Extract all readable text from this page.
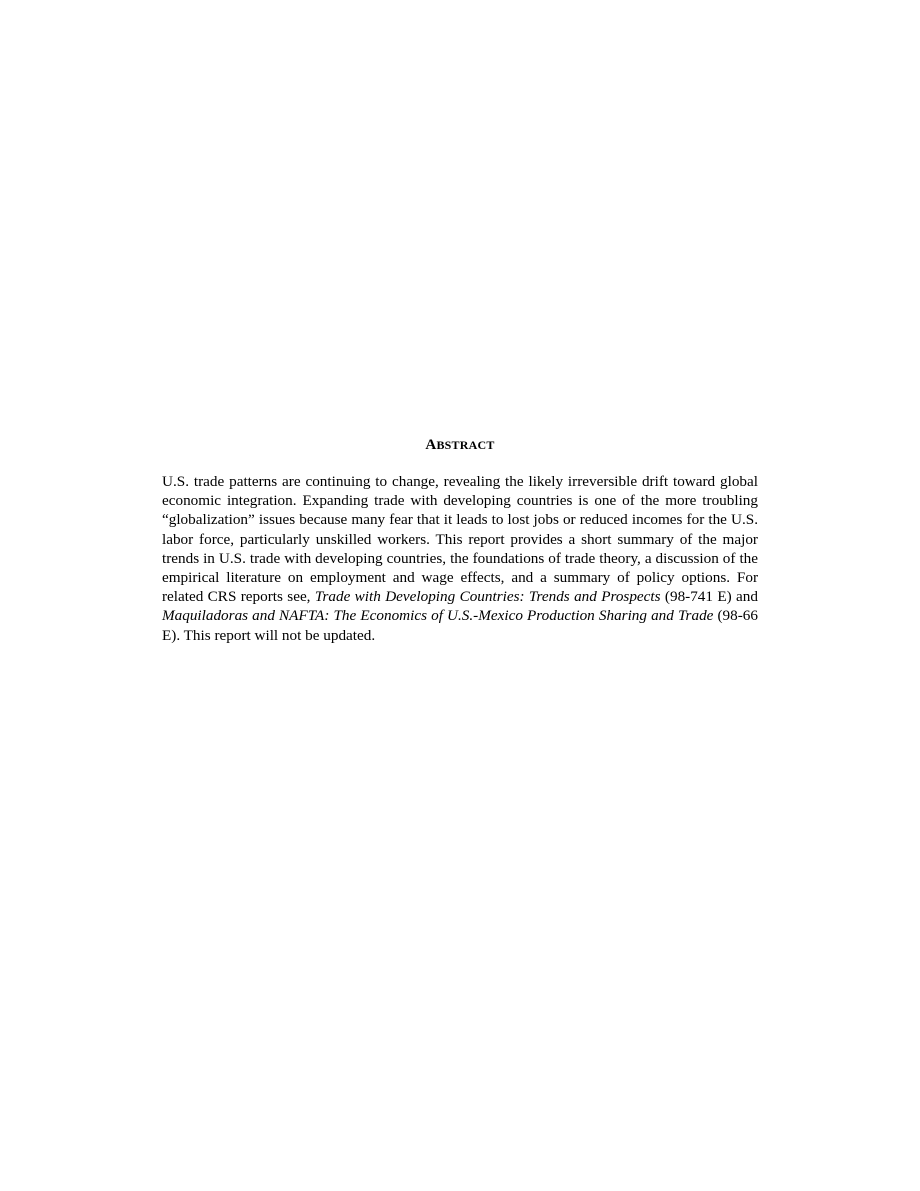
ABSTRACT

U.S. trade patterns are continuing to change, revealing the likely irreversible drift toward global economic integration. Expanding trade with developing countries is one of the more troubling “globalization” issues because many fear that it leads to lost jobs or reduced incomes for the U.S. labor force, particularly unskilled workers. This report provides a short summary of the major trends in U.S. trade with developing countries, the foundations of trade theory, a discussion of the empirical literature on employment and wage effects, and a summary of policy options. For related CRS reports see, Trade with Developing Countries: Trends and Prospects (98-741 E) and Maquiladoras and NAFTA: The Economics of U.S.-Mexico Production Sharing and Trade (98-66 E). This report will not be updated.
